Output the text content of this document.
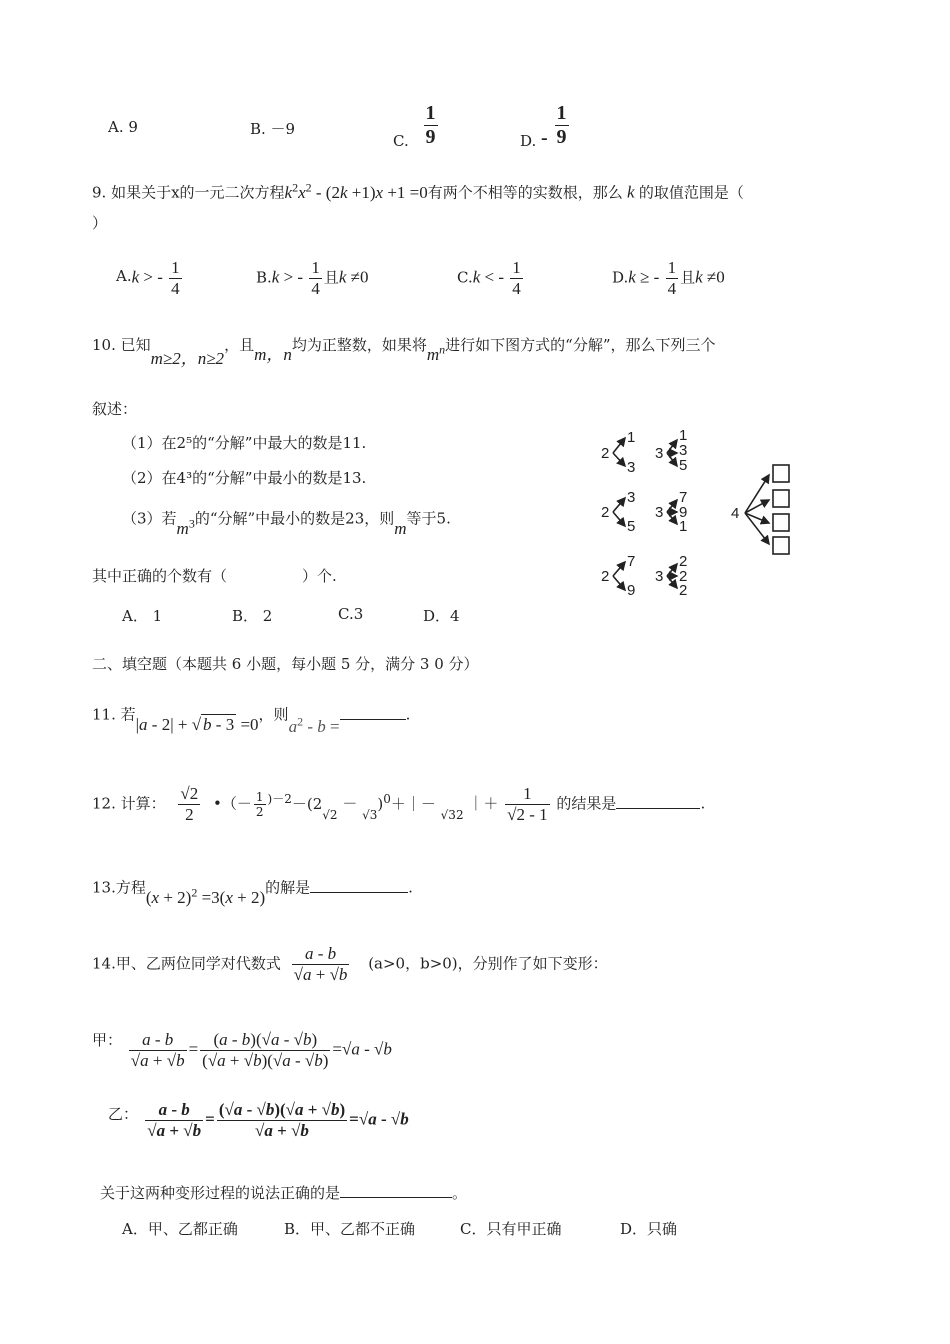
A. 9	B. －9
C. $\frac{1}{9}$	D. - $\frac{1}{9}$
9. 如果关于x的一元二次方程$k^2x^2 - (2k +1)x +1 =0$有两个不相等的实数根，那么 k 的取值范围是（
）
A.k > - $\frac{1}{4}$	B.k > - $\frac{1}{4}$ 且k ≠0	C.k < - $\frac{1}{4}$	D.k ≥ - $\frac{1}{4}$ 且k ≠0
10. 已知m≥2，n≥2，且m，n均为正整数，如果将$m^n$进行如下图方式的“分解”，那么下列三个
叙述：
（1）在2⁵的“分解”中最大的数是11.
（2）在4³的“分解”中最小的数是13.
（3）若$m^3$的“分解”中最小的数是23，则m等于5.
其中正确的个数有（　　　　　）个.
A． 1	B． 2	C.3	D．4
2
1
3
3
1
3
5
2
3
5
3
7
9
1
4
2
7
9
3
2
2
2
二、填空题（本题共 6 小题，每小题 5 分，满分 3 0 分）
11. 若|a - 2| + √ b - 3 =0，则$a^2$ - b =.
12. 计算： $\frac{√2}{2}$ •（－ $\frac{1}{2} ^{)-2}-(2_{√2}$ － $_{√3})^0+|- _{√32}$ ｜＋ $\frac{1}{√2 - 1}$ 的结果是	.
13.方程$(x + 2)^2 =3(x + 2)$的解是	.
14.甲、乙两位同学对代数式 $\frac{a - b}{√a + √b} (a>0$，b>0)，分别作了如下变形：
甲： $\frac{a - b}{√a + √b} = \frac{(a - b)(√a - √b)}{(√a + √b)(√a - √b)} =√a - √b$
乙： $\frac{a - b}{√a + √b} = \frac{(√a - √b)(√a + √b)}{√a + √b} =√a - √b$
关于这两种变形过程的说法正确的是	。
A．甲、乙都正确	B．甲、乙都不正确	C．只有甲正确	D．只确
